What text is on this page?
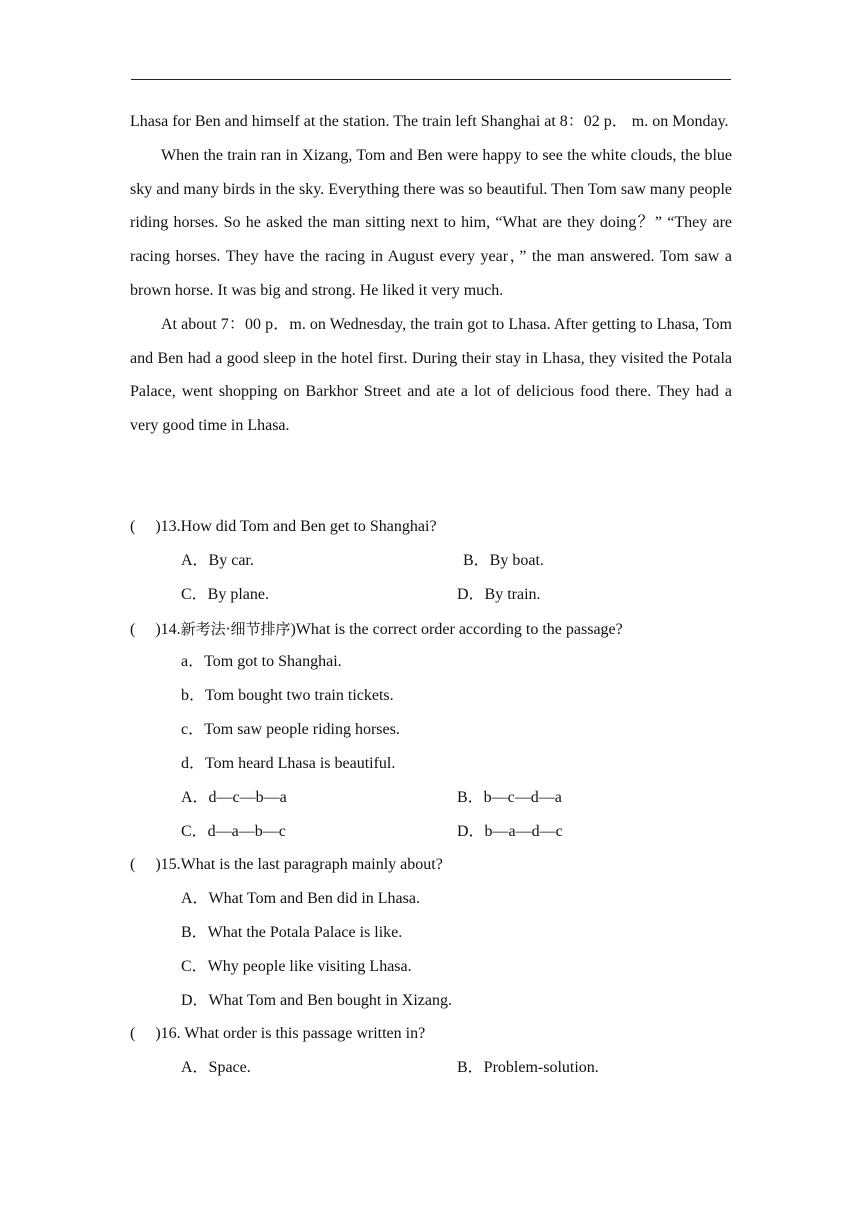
Lhasa for Ben and himself at the station. The train left Shanghai at 8：02 p． m. on Monday.

When the train ran in Xizang, Tom and Ben were happy to see the white clouds, the blue sky and many birds in the sky. Everything there was so beautiful. Then Tom saw many people riding horses. So he asked the man sitting next to him, “What are they doing？” “They are racing horses. They have the racing in August every year，” the man answered. Tom saw a brown horse. It was big and strong. He liked it very much.

At about 7：00 p．m. on Wednesday, the train got to Lhasa. After getting to Lhasa, Tom and Ben had a good sleep in the hotel first. During their stay in Lhasa, they visited the Potala Palace, went shopping on Barkhor Street and ate a lot of delicious food there. They had a very good time in Lhasa.

(　 )13.How did Tom and Ben get to Shanghai?
A．By car.	B．By boat.
C．By plane.	D．By train.
(　 )14.新考法·细节排序)What is the correct order according to the passage?
a．Tom got to Shanghai.
b．Tom bought two train tickets.
c．Tom saw people riding horses.
d．Tom heard Lhasa is beautiful.
A．d—c—b—a	B．b—c—d—a
C．d—a—b—c	D．b—a—d—c
(　 )15.What is the last paragraph mainly about?
A．What Tom and Ben did in Lhasa.
B．What the Potala Palace is like.
C．Why people like visiting Lhasa.
D．What Tom and Ben bought in Xizang.
(　 )16. What order is this passage written in?
A．Space.	B．Problem-solution.
